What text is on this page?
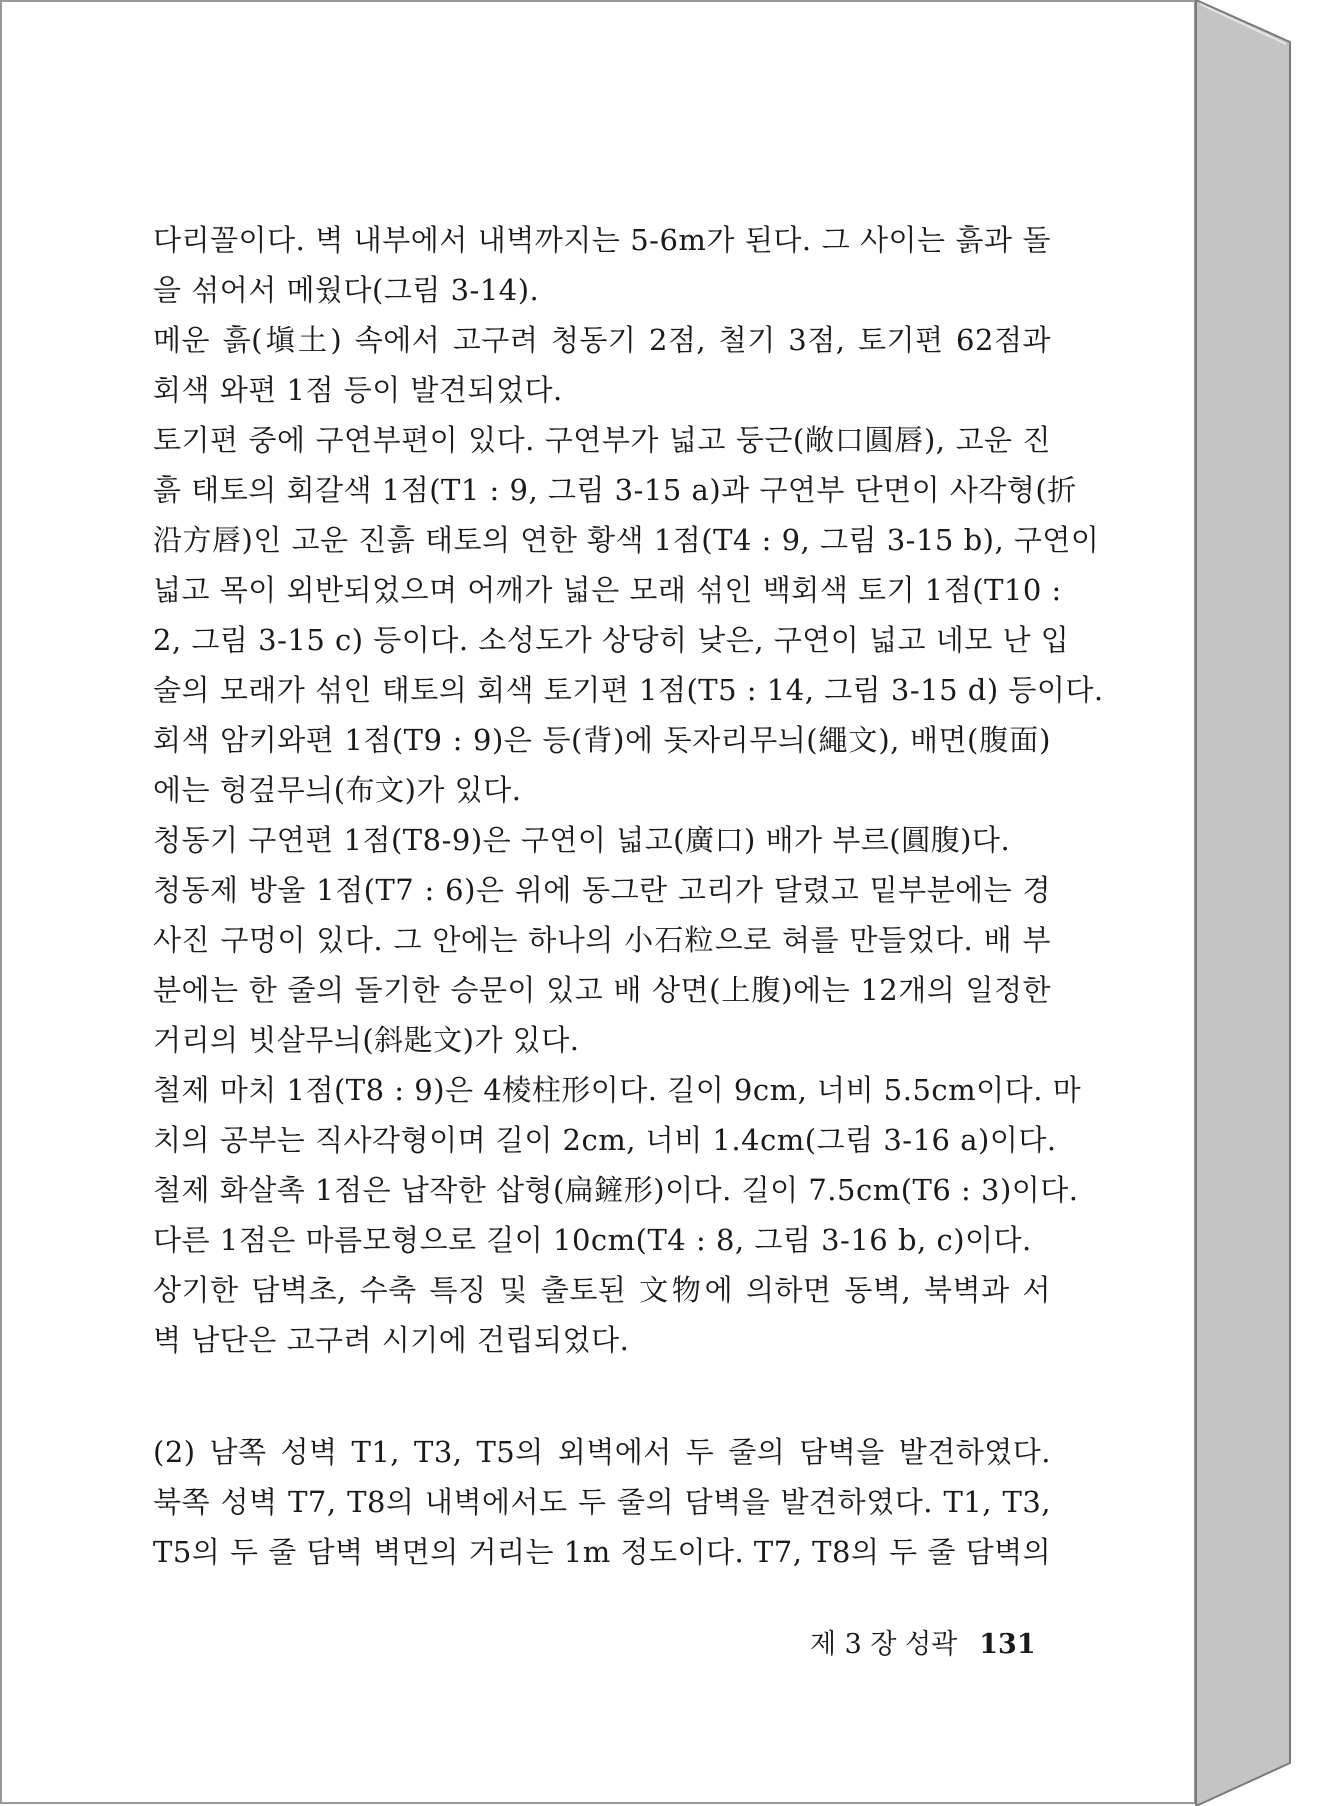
다리꼴이다. 벽 내부에서 내벽까지는 5-6m가 된다. 그 사이는 흙과 돌
을 섞어서 메웠다(그림 3-14).
메운 흙(塡土) 속에서 고구려 청동기 2점, 철기 3점, 토기편 62점과
회색 와편 1점 등이 발견되었다.
토기편 중에 구연부편이 있다. 구연부가 넓고 둥근(敞口圓唇), 고운 진
흙 태토의 회갈색 1점(T1 : 9, 그림 3-15 a)과 구연부 단면이 사각형(折
沿方唇)인 고운 진흙 태토의 연한 황색 1점(T4 : 9, 그림 3-15 b), 구연이
넓고 목이 외반되었으며 어깨가 넓은 모래 섞인 백회색 토기 1점(T10 :
2, 그림 3-15 c) 등이다. 소성도가 상당히 낮은, 구연이 넓고 네모 난 입
술의 모래가 섞인 태토의 회색 토기편 1점(T5 : 14, 그림 3-15 d) 등이다.
회색 암키와편 1점(T9 : 9)은 등(背)에 돗자리무늬(繩文), 배면(腹面)
에는 헝겊무늬(布文)가 있다.
청동기 구연편 1점(T8-9)은 구연이 넓고(廣口) 배가 부르(圓腹)다.
청동제 방울 1점(T7 : 6)은 위에 동그란 고리가 달렸고 밑부분에는 경
사진 구멍이 있다. 그 안에는 하나의 小石粒으로 혀를 만들었다. 배 부
분에는 한 줄의 돌기한 승문이 있고 배 상면(上腹)에는 12개의 일정한
거리의 빗살무늬(斜匙文)가 있다.
철제 마치 1점(T8 : 9)은 4棱柱形이다. 길이 9cm, 너비 5.5cm이다. 마
치의 공부는 직사각형이며 길이 2cm, 너비 1.4cm(그림 3-16 a)이다.
철제 화살촉 1점은 납작한 삽형(扁鏟形)이다. 길이 7.5cm(T6 : 3)이다.
다른 1점은 마름모형으로 길이 10cm(T4 : 8, 그림 3-16 b, c)이다.
상기한 담벽초, 수축 특징 및 출토된 文物에 의하면 동벽, 북벽과 서
벽 남단은 고구려 시기에 건립되었다.
(2) 남쪽 성벽 T1, T3, T5의 외벽에서 두 줄의 담벽을 발견하였다.
북쪽 성벽 T7, T8의 내벽에서도 두 줄의 담벽을 발견하였다. T1, T3,
T5의 두 줄 담벽 벽면의 거리는 1m 정도이다. T7, T8의 두 줄 담벽의
제 3 장 성곽 131
